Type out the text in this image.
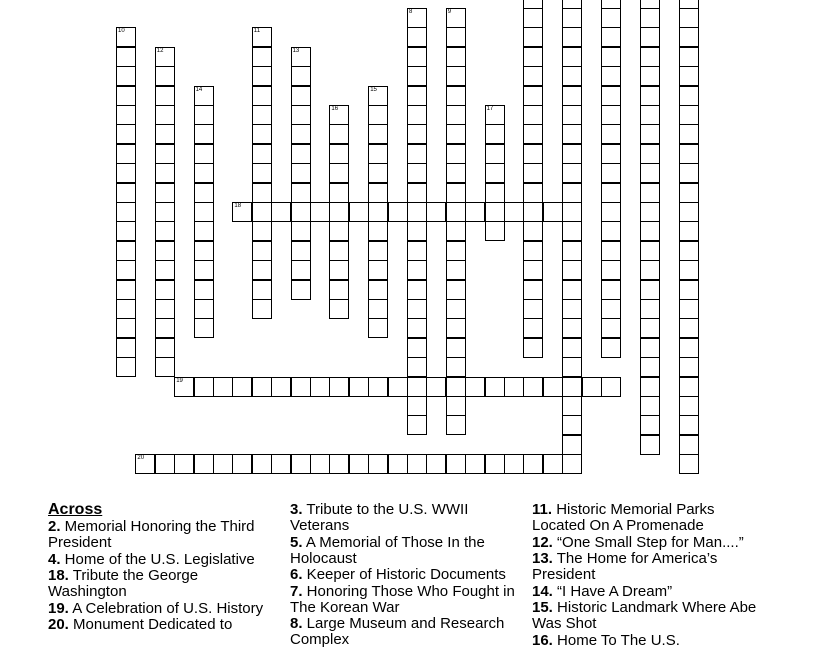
8	9
10	11
12	13
14	15
16	17
18
19
20
Across
2. Memorial Honoring the Third President
4. Home of the U.S. Legislative
18. Tribute the George Washington
19. A Celebration of U.S. History
20. Monument Dedicated to
3. Tribute to the U.S. WWII Veterans
5. A Memorial of Those In the Holocaust
6. Keeper of Historic Documents
7. Honoring Those Who Fought in The Korean War
8. Large Museum and Research Complex
11. Historic Memorial Parks Located On A Promenade
12. “One Small Step for Man....”
13. The Home for America’s President
14. “I Have A Dream”
15. Historic Landmark Where Abe Was Shot
16. Home To The U.S.
